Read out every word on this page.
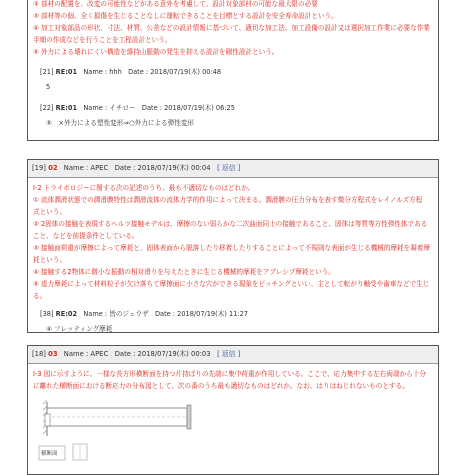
③ 部材の配置を、改変の可能性などがある意外を考慮して、設計対象部材の可能な最大限の必要

③ 部材等の個、全く損傷を生じることなしに運転できることを目標とする設計を安全寿命設計という。

④ 加工対象部品の形状、寸法、材質、公差などの設計情報に基づいて、適切な加工法、加工設備の設計又は選択加工作業に必要な作業

手順の作成などを行うことを工程設計という。

⑤ 外力による壊れにくい構造を維持山脈動の発生を抑える設計を剛性設計という。

[21] RE:01 Name : hhh Date : 2018/07/19(木) 00:48
5
[22] RE:01 Name : イチロー Date : 2018/07/19(木) 06:25
⑤　×外力による塑性変形⇒○外力による弾性変形
[19] 02 Name : APEC Date : 2018/07/19(木) 00:04 [ 返信 ]

I-2 トライボロジーに関する次の記述のうち、最も不適切なものはどれか。

① 流体潤滑状態での潤滑膜特性は潤滑流体の流体力学的作用によって決まる。潤滑膜の圧力分布を表す微分方程式をレイノルズ方程

式という。

② 2固体の接触を表現するヘルツ接触モデルは、摩擦のない弱らかな二次曲面同士の接触であること、固体は等質等方性弾性体である

こと、などを前提条件としている。

③ 接触面荷重が摩擦によって摩耗と、固体表面から脱落したり移着したりすることによって不規則な表面が生じる機械的摩耗を凝着摩

耗という。

④ 接触する2物体に微小な振動の相対滑りを与えたときに生じる機械的摩耗をアブレシブ摩耗という。

⑤ 虚力摩耗によって材料粒子が欠け落ちて摩擦面に小さな穴ができる現象をピッチングといい、主として転がり軸受や歯車などで生じ

る。

[38] RE:02 Name : 皆のジュウザ Date : 2018/07/19(木) 11:27
④ フレッティング摩耗
[18] 03 Name : APEC Date : 2018/07/19(木) 00:03 [ 返信 ]

I-3 図に示すように、一様な長方形横断面を持つ片持ばりの先端に集中荷重が作用している。ここで、応力集中する左右両端から十分

に離れた横断面における断応力の分布図として、次の番のうち最も適切なものはどれか。なお、はりはねじれないものとする。

横断面
